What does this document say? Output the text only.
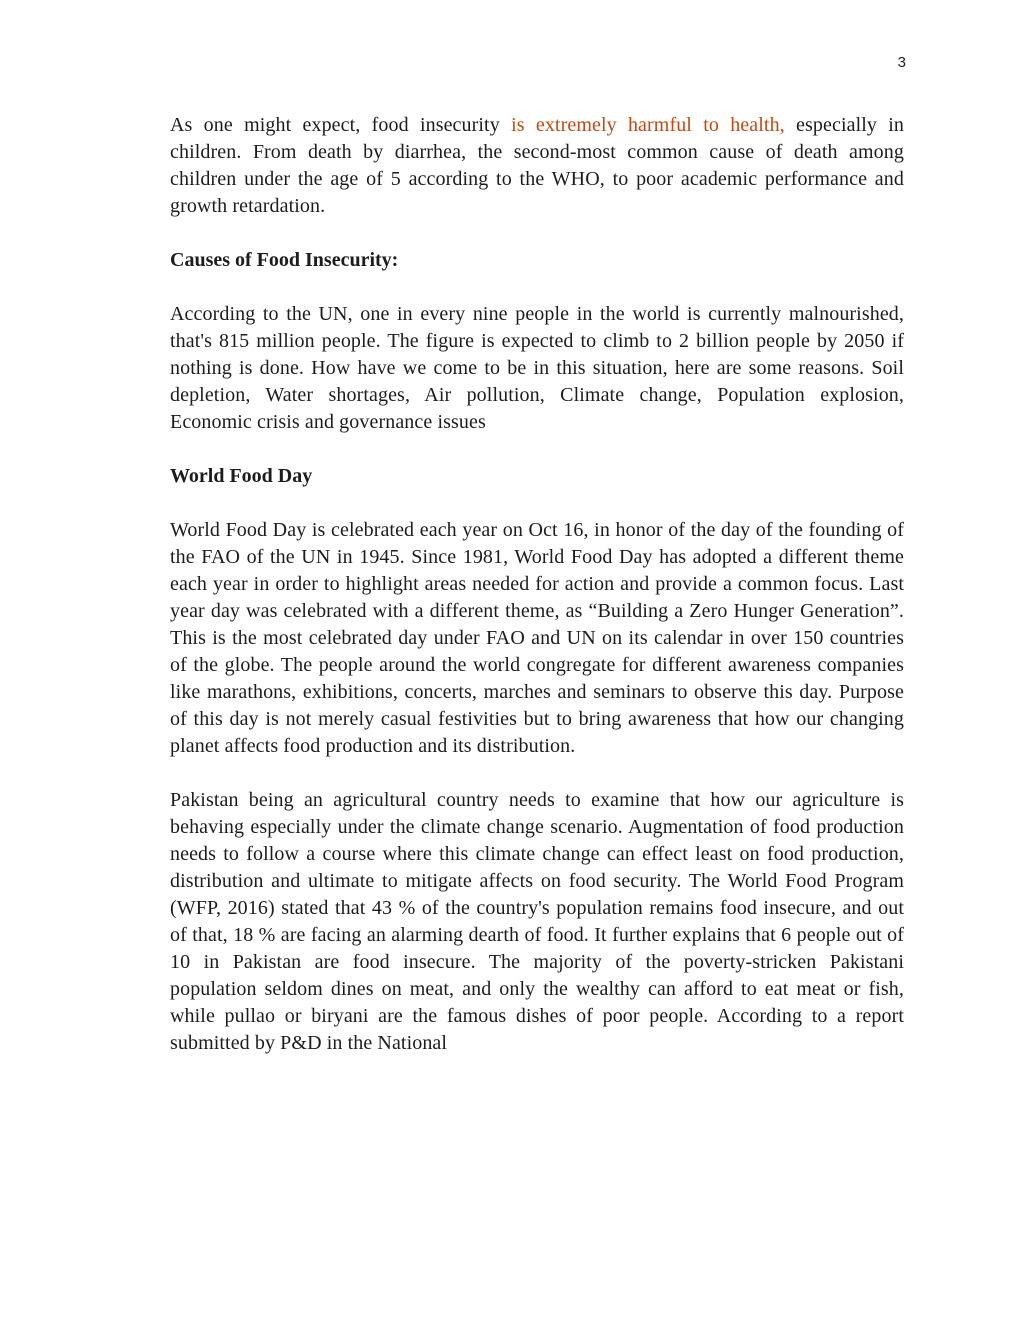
3

As one might expect, food insecurity is extremely harmful to health, especially in children. From death by diarrhea, the second-most common cause of death among children under the age of 5 according to the WHO, to poor academic performance and growth retardation.

Causes of Food Insecurity:

According to the UN, one in every nine people in the world is currently malnourished, that's 815 million people. The figure is expected to climb to 2 billion people by 2050 if nothing is done. How have we come to be in this situation, here are some reasons. Soil depletion, Water shortages, Air pollution, Climate change, Population explosion, Economic crisis and governance issues

World Food Day

World Food Day is celebrated each year on Oct 16, in honor of the day of the founding of the FAO of the UN in 1945. Since 1981, World Food Day has adopted a different theme each year in order to highlight areas needed for action and provide a common focus. Last year day was celebrated with a different theme, as “Building a Zero Hunger Generation”. This is the most celebrated day under FAO and UN on its calendar in over 150 countries of the globe. The people around the world congregate for different awareness companies like marathons, exhibitions, concerts, marches and seminars to observe this day. Purpose of this day is not merely casual festivities but to bring awareness that how our changing planet affects food production and its distribution.

Pakistan being an agricultural country needs to examine that how our agriculture is behaving especially under the climate change scenario. Augmentation of food production needs to follow a course where this climate change can effect least on food production, distribution and ultimate to mitigate affects on food security. The World Food Program (WFP, 2016) stated that 43 % of the country's population remains food insecure, and out of that, 18 % are facing an alarming dearth of food. It further explains that 6 people out of 10 in Pakistan are food insecure. The majority of the poverty-stricken Pakistani population seldom dines on meat, and only the wealthy can afford to eat meat or fish, while pullao or biryani are the famous dishes of poor people. According to a report submitted by P&D in the National
